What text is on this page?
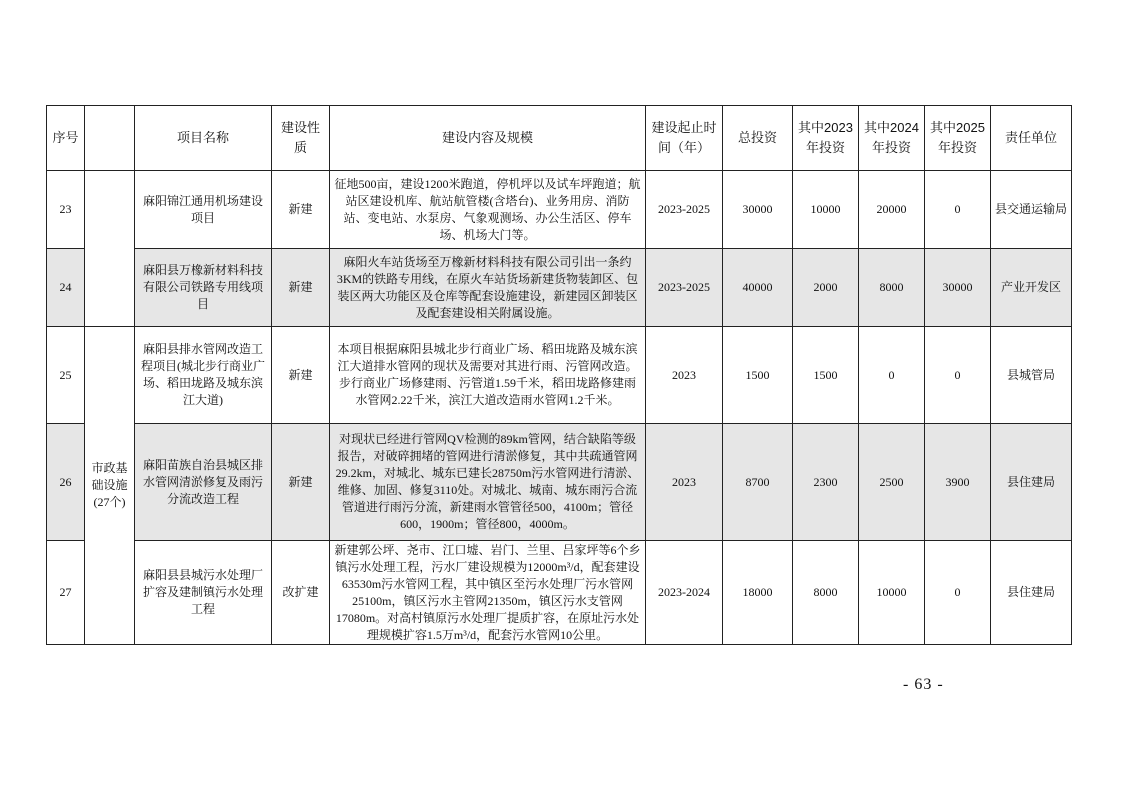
序号		项目名称	建设性质	建设内容及规模	建设起止时间（年）	总投资	其中2023年投资	其中2024年投资	其中2025年投资	责任单位
23		麻阳锦江通用机场建设项目	新建	征地500亩，建设1200米跑道，停机坪以及试车坪跑道；航站区建设机库、航站航管楼(含塔台)、业务用房、消防站、变电站、水泵房、气象观测场、办公生活区、停车场、机场大门等。	2023-2025	30000	10000	20000	0	县交通运输局
24		麻阳县万橡新材料科技有限公司铁路专用线项目	新建	麻阳火车站货场至万橡新材料科技有限公司引出一条约3KM的铁路专用线，在原火车站货场新建货物装卸区、包装区两大功能区及仓库等配套设施建设，新建园区卸装区及配套建设相关附属设施。	2023-2025	40000	2000	8000	30000	产业开发区
25	市政基础设施(27个)	麻阳县排水管网改造工程项目(城北步行商业广场、稻田垅路及城东滨江大道)	新建	本项目根据麻阳县城北步行商业广场、稻田垅路及城东滨江大道排水管网的现状及需要对其进行雨、污管网改造。步行商业广场修建雨、污管道1.59千米，稻田垅路修建雨水管网2.22千米，滨江大道改造雨水管网1.2千米。	2023	1500	1500	0	0	县城管局
26		麻阳苗族自治县城区排水管网清淤修复及雨污分流改造工程	新建	对现状已经进行管网QV检测的89km管网，结合缺陷等级报告，对破碎拥堵的管网进行清淤修复，其中共疏通管网29.2km，对城北、城东已建长28750m污水管网进行清淤、维修、加固、修复3110处。对城北、城南、城东雨污合流管道进行雨污分流，新建雨水管管径500，4100m；管径600，1900m；管径800，4000m。	2023	8700	2300	2500	3900	县住建局
27		麻阳县县城污水处理厂扩容及建制镇污水处理工程	改扩建	新建郭公坪、尧市、江口墟、岩门、兰里、吕家坪等6个乡镇污水处理工程，污水厂建设规模为12000m³/d，配套建设63530m污水管网工程，其中镇区至污水处理厂污水管网25100m，镇区污水主管网21350m，镇区污水支管网17080m。对高村镇原污水处理厂提质扩容，在原址污水处理规模扩容1.5万m³/d，配套污水管网10公里。	2023-2024	18000	8000	10000	0	县住建局
- 63 -
